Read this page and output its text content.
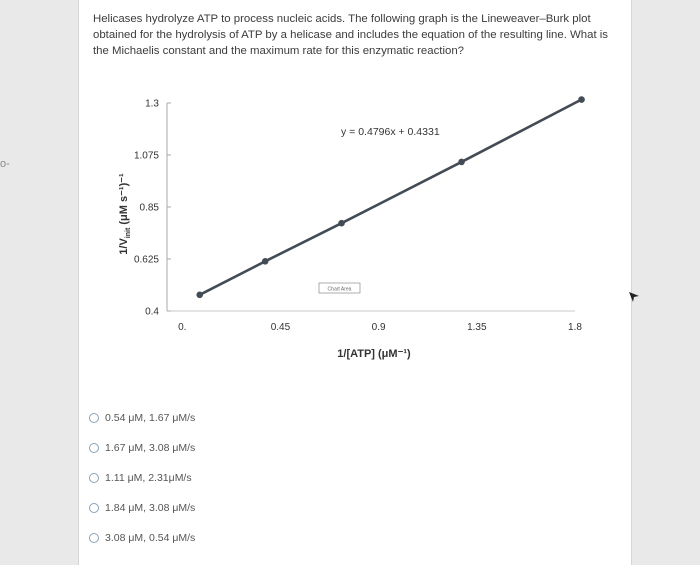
o-
Helicases hydrolyze ATP to process nucleic acids. The following graph is the Lineweaver–Burk plot obtained for the hydrolysis of ATP by a helicase and includes the equation of the resulting line. What is the Michaelis constant and the maximum rate for this enzymatic reaction?
0.4
0.625
0.85
1.075
1.3
0.	0.45	0.9	1.35	1.8
y = 0.4796x + 0.4331
Chart Area
1/[ATP] (μM⁻¹)
$1/V_{init}$ (μM s⁻¹)⁻¹
0.54 μM, 1.67 μM/s
1.67 μM, 3.08 μM/s
1.11 μM, 2.31μM/s
1.84 μM, 3.08 μM/s
3.08 μM, 0.54 μM/s
